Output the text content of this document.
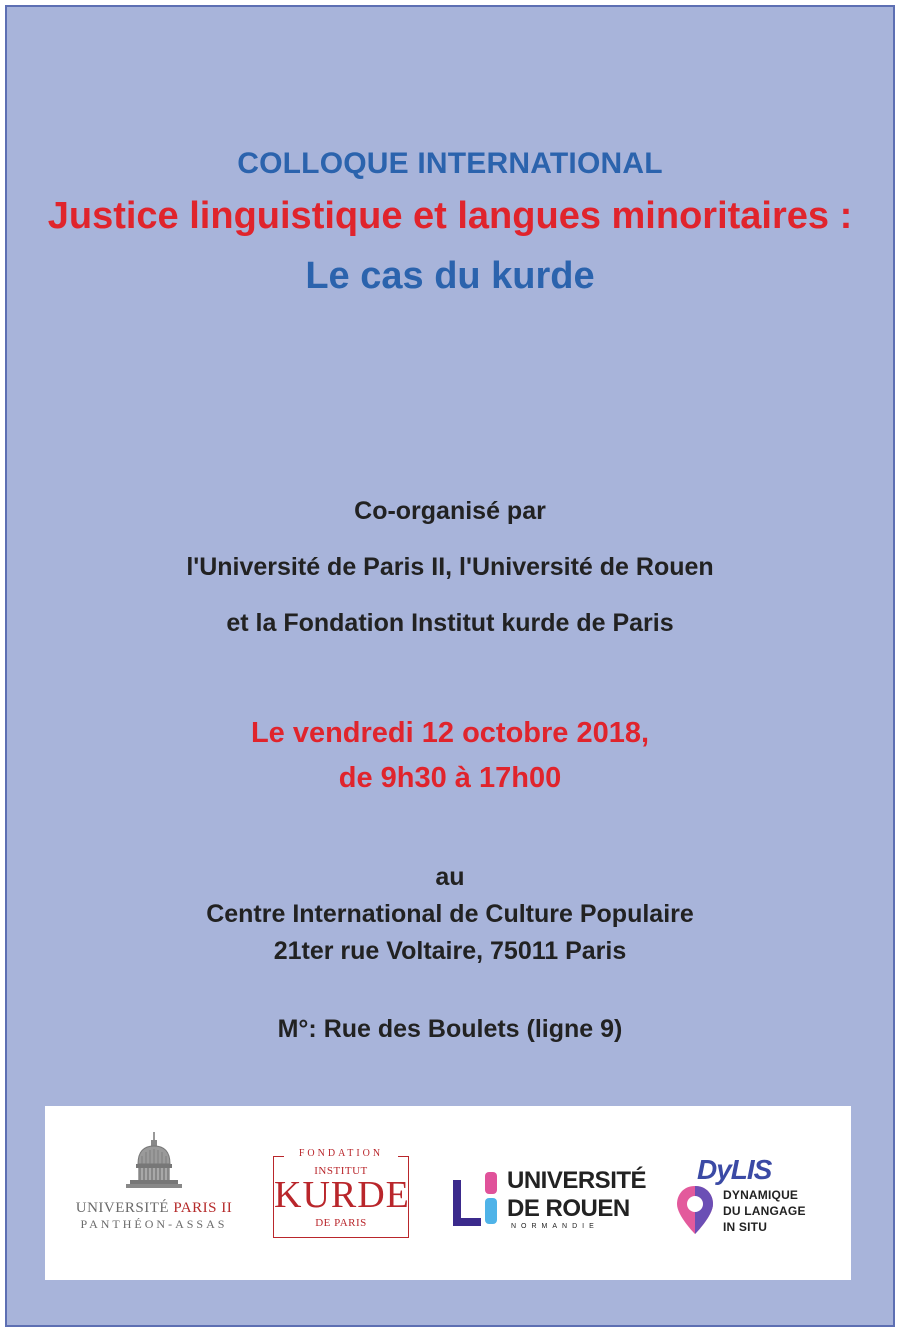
COLLOQUE INTERNATIONAL
Justice linguistique et langues minoritaires :
Le cas du kurde
Co-organisé par
l'Université de Paris II, l'Université de Rouen
et la Fondation Institut kurde de Paris
Le vendredi 12 octobre 2018,
de 9h30 à 17h00
au
Centre International de Culture Populaire
21ter rue Voltaire, 75011 Paris
M°: Rue des Boulets (ligne 9)
UNIVERSITÉ PARIS II
PANTHÉON-ASSAS
FONDATION
INSTITUT
KURDE
DE PARIS
UNIVERSITÉ
DE ROUEN
NORMANDIE
DyLIS
DYNAMIQUE
DU LANGAGE
IN SITU
